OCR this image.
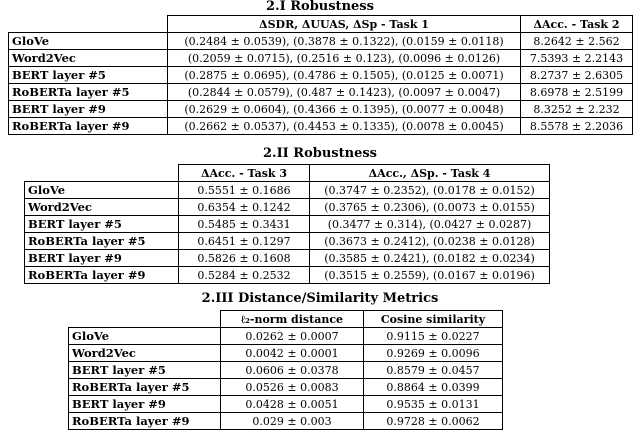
2.I Robustness
	ΔSDR, ΔUUAS, ΔSp - Task 1	ΔAcc. - Task 2
GloVe	(0.2484 ± 0.0539), (0.3878 ± 0.1322), (0.0159 ± 0.0118)	8.2642 ± 2.562
Word2Vec	(0.2059 ± 0.0715), (0.2516 ± 0.123), (0.0096 ± 0.0126)	7.5393 ± 2.2143
BERT layer #5	(0.2875 ± 0.0695), (0.4786 ± 0.1505), (0.0125 ± 0.0071)	8.2737 ± 2.6305
RoBERTa layer #5	(0.2844 ± 0.0579), (0.487 ± 0.1423), (0.0097 ± 0.0047)	8.6978 ± 2.5199
BERT layer #9	(0.2629 ± 0.0604), (0.4366 ± 0.1395), (0.0077 ± 0.0048)	8.3252 ± 2.232
RoBERTa layer #9	(0.2662 ± 0.0537), (0.4453 ± 0.1335), (0.0078 ± 0.0045)	8.5578 ± 2.2036
2.II Robustness
	ΔAcc. - Task 3	ΔAcc., ΔSp. - Task 4
GloVe	0.5551 ± 0.1686	(0.3747 ± 0.2352), (0.0178 ± 0.0152)
Word2Vec	0.6354 ± 0.1242	(0.3765 ± 0.2306), (0.0073 ± 0.0155)
BERT layer #5	0.5485 ± 0.3431	(0.3477 ± 0.314), (0.0427 ± 0.0287)
RoBERTa layer #5	0.6451 ± 0.1297	(0.3673 ± 0.2412), (0.0238 ± 0.0128)
BERT layer #9	0.5826 ± 0.1608	(0.3585 ± 0.2421), (0.0182 ± 0.0234)
RoBERTa layer #9	0.5284 ± 0.2532	(0.3515 ± 0.2559), (0.0167 ± 0.0196)
2.III Distance/Similarity Metrics
	ℓ₂-norm distance	Cosine similarity
GloVe	0.0262 ± 0.0007	0.9115 ± 0.0227
Word2Vec	0.0042 ± 0.0001	0.9269 ± 0.0096
BERT layer #5	0.0606 ± 0.0378	0.8579 ± 0.0457
RoBERTa layer #5	0.0526 ± 0.0083	0.8864 ± 0.0399
BERT layer #9	0.0428 ± 0.0051	0.9535 ± 0.0131
RoBERTa layer #9	0.029 ± 0.003	0.9728 ± 0.0062
